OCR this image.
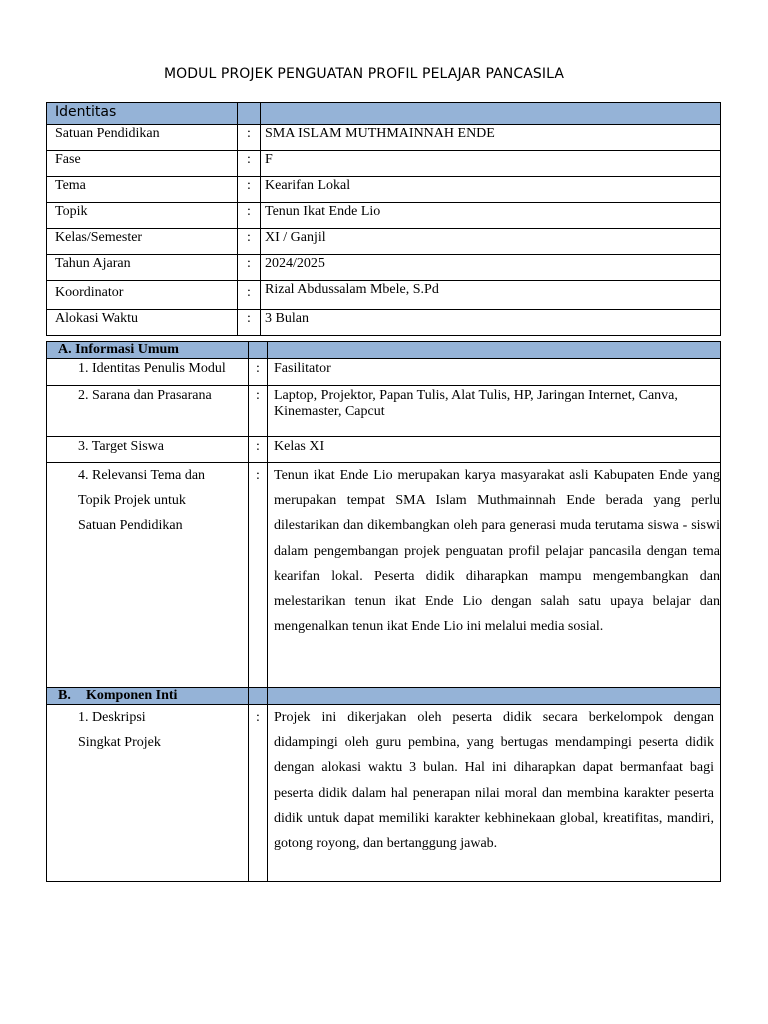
MODUL PROJEK PENGUATAN PROFIL PELAJAR PANCASILA
Identitas		
Satuan Pendidikan	:	SMA ISLAM MUTHMAINNAH ENDE
Fase	:	F
Tema	:	Kearifan Lokal
Topik	:	Tenun Ikat Ende Lio
Kelas/Semester	:	XI / Ganjil
Tahun Ajaran	:	2024/2025
Koordinator	:	Rizal Abdussalam Mbele, S.Pd
Alokasi Waktu	:	3 Bulan
A. Informasi Umum		
1. Identitas Penulis Modul	:	Fasilitator
2. Sarana dan Prasarana	:	Laptop, Projektor, Papan Tulis, Alat Tulis, HP, Jaringan Internet, Canva, Kinemaster, Capcut
3. Target Siswa	:	Kelas XI
4. Relevansi Tema dan Topik Projek untuk Satuan Pendidikan	:	Tenun ikat Ende Lio merupakan karya masyarakat asli Kabupaten Ende yang merupakan tempat SMA Islam Muthmainnah Ende berada yang perlu dilestarikan dan dikembangkan oleh para generasi muda terutama siswa - siswi dalam pengembangan projek penguatan profil pelajar pancasila dengan tema kearifan lokal. Peserta didik diharapkan mampu mengembangkan dan melestarikan tenun ikat Ende Lio dengan salah satu upaya belajar dan mengenalkan tenun ikat Ende Lio ini melalui media sosial.
B. Komponen Inti		
1. Deskripsi Singkat Projek	:	Projek ini dikerjakan oleh peserta didik secara berkelompok dengan didampingi oleh guru pembina, yang bertugas mendampingi peserta didik dengan alokasi waktu 3 bulan. Hal ini diharapkan dapat bermanfaat bagi peserta didik dalam hal penerapan nilai moral dan membina karakter peserta didik untuk dapat memiliki karakter kebhinekaan global, kreatifitas, mandiri, gotong royong, dan bertanggung jawab.
